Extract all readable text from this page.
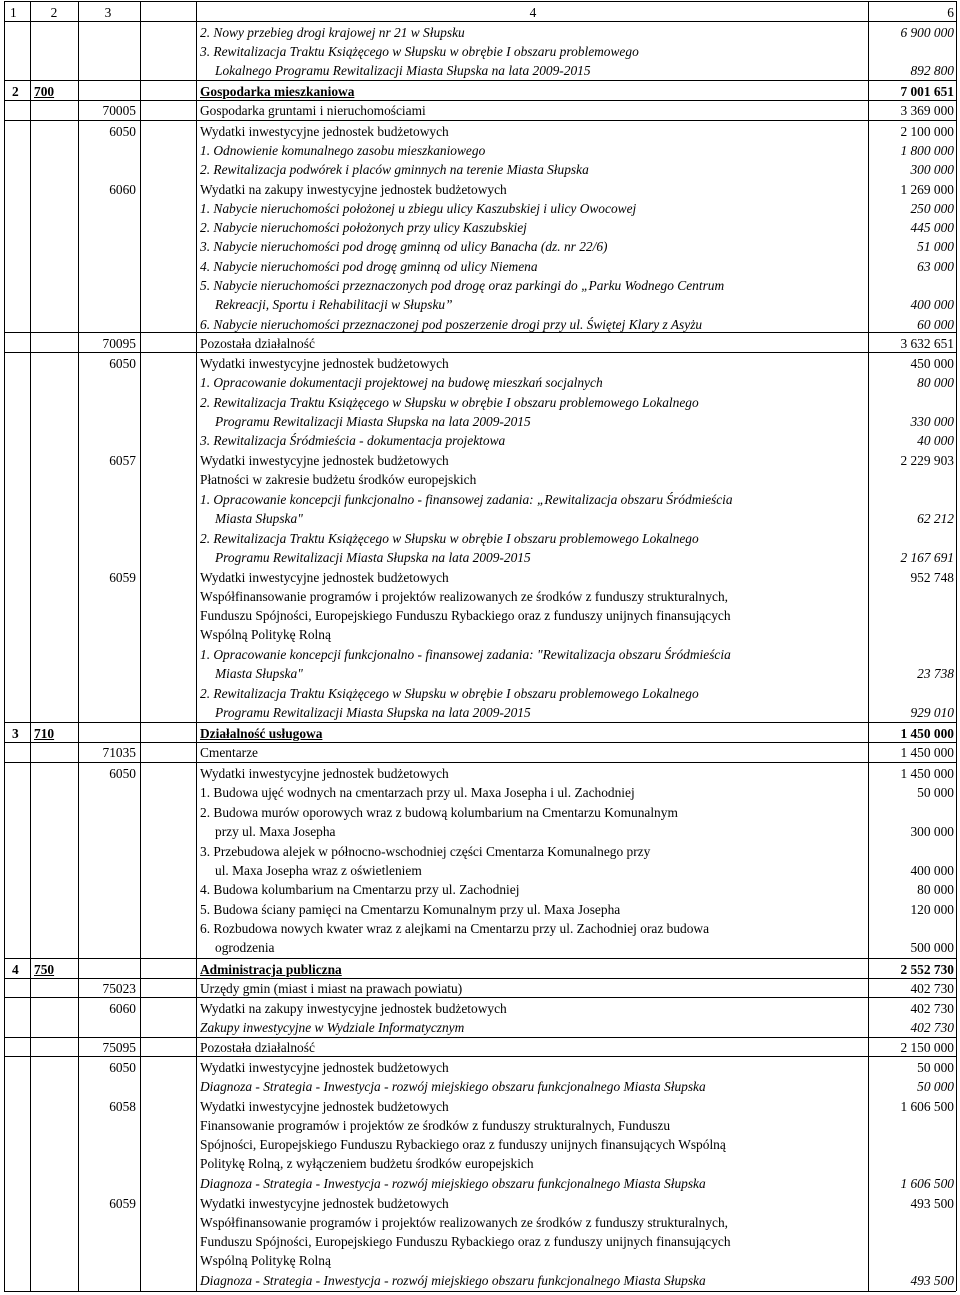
1	2	3	4	6
2. Nowy przebieg drogi krajowej nr 21 w Słupsku	6 900 000
3. Rewitalizacja Traktu Książęcego w Słupsku w obrębie I obszaru problemowego
Lokalnego Programu Rewitalizacji Miasta Słupska na lata 2009-2015	892 800
2 700	Gospodarka mieszkaniowa	7 001 651
70005	Gospodarka gruntami i nieruchomościami	3 369 000
6050	Wydatki inwestycyjne jednostek budżetowych	2 100 000
1. Odnowienie komunalnego zasobu mieszkaniowego	1 800 000
2. Rewitalizacja podwórek i placów gminnych na terenie Miasta Słupska	300 000
6060	Wydatki na zakupy inwestycyjne jednostek budżetowych	1 269 000
1. Nabycie nieruchomości położonej u zbiegu ulicy Kaszubskiej i ulicy Owocowej	250 000
2. Nabycie nieruchomości położonych przy ulicy Kaszubskiej	445 000
3. Nabycie nieruchomości pod drogę gminną od ulicy Banacha (dz. nr 22/6)	51 000
4. Nabycie nieruchomości pod drogę gminną od ulicy Niemena	63 000
5. Nabycie nieruchomości przeznaczonych pod drogę oraz parkingi do „Parku Wodnego Centrum
Rekreacji, Sportu i Rehabilitacji w Słupsku”	400 000
6. Nabycie nieruchomości przeznaczonej pod poszerzenie drogi przy ul. Świętej Klary z Asyżu	60 000
70095	Pozostała działalność	3 632 651
6050	Wydatki inwestycyjne jednostek budżetowych	450 000
1. Opracowanie dokumentacji projektowej na budowę mieszkań socjalnych	80 000
2. Rewitalizacja Traktu Książęcego w Słupsku w obrębie I obszaru problemowego Lokalnego
Programu Rewitalizacji Miasta Słupska na lata 2009-2015	330 000
3. Rewitalizacja Śródmieścia - dokumentacja projektowa	40 000
6057	Wydatki inwestycyjne jednostek budżetowych	2 229 903
Płatności w zakresie budżetu środków europejskich
1. Opracowanie koncepcji funkcjonalno - finansowej zadania: „Rewitalizacja obszaru Śródmieścia
Miasta Słupska"	62 212
2. Rewitalizacja Traktu Książęcego w Słupsku w obrębie I obszaru problemowego Lokalnego
Programu Rewitalizacji Miasta Słupska na lata 2009-2015	2 167 691
6059	Wydatki inwestycyjne jednostek budżetowych	952 748
Współfinansowanie programów i projektów realizowanych ze środków z funduszy strukturalnych,
Funduszu Spójności, Europejskiego Funduszu Rybackiego oraz z funduszy unijnych finansujących
Wspólną Politykę Rolną
1. Opracowanie koncepcji funkcjonalno - finansowej zadania: "Rewitalizacja obszaru Śródmieścia
Miasta Słupska"	23 738
2. Rewitalizacja Traktu Książęcego w Słupsku w obrębie I obszaru problemowego Lokalnego
Programu Rewitalizacji Miasta Słupska na lata 2009-2015	929 010
3 710	Działalność usługowa	1 450 000
71035	Cmentarze	1 450 000
6050	Wydatki inwestycyjne jednostek budżetowych	1 450 000
1. Budowa ujęć wodnych na cmentarzach przy ul. Maxa Josepha i ul. Zachodniej	50 000
2. Budowa murów oporowych wraz z budową kolumbarium na Cmentarzu Komunalnym
przy ul. Maxa Josepha	300 000
3. Przebudowa alejek w północno-wschodniej części Cmentarza Komunalnego przy
ul. Maxa Josepha wraz z oświetleniem	400 000
4. Budowa kolumbarium na Cmentarzu przy ul. Zachodniej	80 000
5. Budowa ściany pamięci na Cmentarzu Komunalnym przy ul. Maxa Josepha	120 000
6. Rozbudowa nowych kwater wraz z alejkami na Cmentarzu przy ul. Zachodniej oraz budowa
ogrodzenia	500 000
4 750	Administracja publiczna	2 552 730
75023	Urzędy gmin (miast i miast na prawach powiatu)	402 730
6060	Wydatki na zakupy inwestycyjne jednostek budżetowych	402 730
Zakupy inwestycyjne w Wydziale Informatycznym	402 730
75095	Pozostała działalność	2 150 000
6050	Wydatki inwestycyjne jednostek budżetowych	50 000
Diagnoza - Strategia - Inwestycja - rozwój miejskiego obszaru funkcjonalnego Miasta Słupska	50 000
6058	Wydatki inwestycyjne jednostek budżetowych	1 606 500
Finansowanie programów i projektów ze środków z funduszy strukturalnych, Funduszu
Spójności, Europejskiego Funduszu Rybackiego oraz z funduszy unijnych finansujących Wspólną
Politykę Rolną, z wyłączeniem budżetu środków europejskich
Diagnoza - Strategia - Inwestycja - rozwój miejskiego obszaru funkcjonalnego Miasta Słupska	1 606 500
6059	Wydatki inwestycyjne jednostek budżetowych	493 500
Współfinansowanie programów i projektów realizowanych ze środków z funduszy strukturalnych,
Funduszu Spójności, Europejskiego Funduszu Rybackiego oraz z funduszy unijnych finansujących
Wspólną Politykę Rolną
Diagnoza - Strategia - Inwestycja - rozwój miejskiego obszaru funkcjonalnego Miasta Słupska	493 500
